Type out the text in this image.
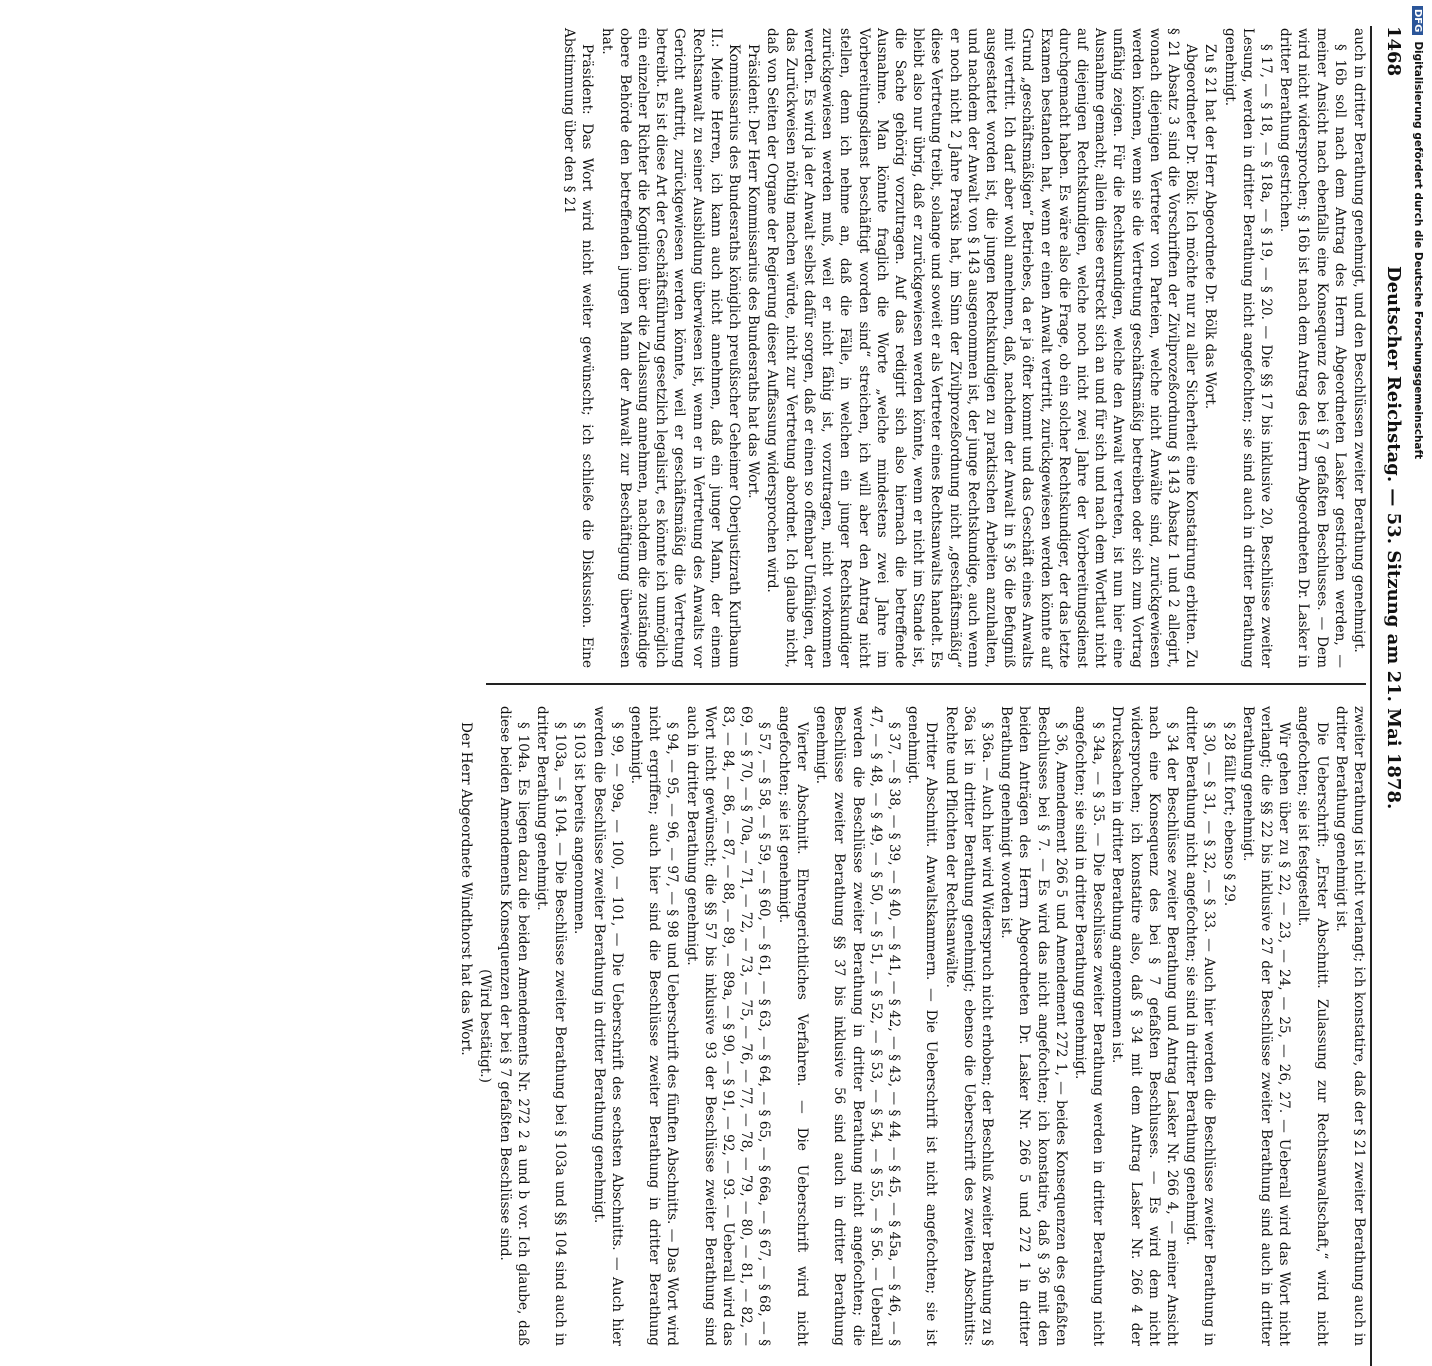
1468
Deutscher Reichstag. — 53. Sitzung am 21. Mai 1878.

auch in dritter Berathung genehmigt, und den Beschlüssen zweiter Berathung genehmigt.

§ 16b soll nach dem Antrag des Herrn Abgeordneten Lasker gestrichen werden, — meiner Ansicht nach ebenfalls eine Konsequenz des bei § 7 gefaßten Beschlusses. — Dem wird nicht widersprochen; § 16b ist nach dem Antrag des Herrn Abgeordneten Dr. Lasker in dritter Berathung gestrichen.

§ 17, — § 18, — § 18a, — § 19, — § 20. — Die §§ 17 bis inklusive 20, Beschlüsse zweiter Lesung, werden in dritter Berathung nicht angefochten; sie sind auch in dritter Berathung genehmigt.

Zu § 21 hat der Herr Abgeordnete Dr. Bölk das Wort.

Abgeordneter Dr. Bölk: Ich möchte nur zu aller Sicherheit eine Konstatirung erbitten. Zu § 21 Absatz 3 sind die Vorschriften der Zivilprozeßordnung § 143 Absatz 1 und 2 allegirt, wonach diejenigen Vertreter von Parteien, welche nicht Anwälte sind, zurückgewiesen werden können, wenn sie die Vertretung geschäftsmäßig betreiben oder sich zum Vortrag unfähig zeigen. Für die Rechtskundigen, welche den Anwalt vertreten, ist nun hier eine Ausnahme gemacht; allein diese erstreckt sich an und für sich und nach dem Wortlaut nicht auf diejenigen Rechtskundigen, welche noch nicht zwei Jahre der Vorbereitungsdienst durchgemacht haben. Es wäre also die Frage, ob ein solcher Rechtskundiger, der das letzte Examen bestanden hat, wenn er einen Anwalt vertritt, zurückgewiesen werden könnte auf Grund „geschäftsmäßigen“ Betriebes, da er ja öfter kommt und das Geschäft eines Anwalts mit vertritt. Ich darf aber wohl annehmen, daß, nachdem der Anwalt in § 36 die Befugniß ausgestattet worden ist, die jungen Rechtskundigen zu praktischen Arbeiten anzuhalten, und nachdem der Anwalt von § 143 ausgenommen ist, der junge Rechtskundige, auch wenn er noch nicht 2 Jahre Praxis hat, im Sinn der Zivilprozeßordnung nicht „geschäftsmäßig“ diese Vertretung treibt, solange und soweit er als Vertreter eines Rechtsanwalts handelt. Es bleibt also nur übrig, daß er zurückgewiesen werden könnte, wenn er nicht im Stande ist, die Sache gehörig vorzutragen. Auf das redigirt sich also hiernach die betreffende Ausnahme. Man könnte fraglich die Worte „welche mindestens zwei Jahre im Vorbereitungsdienst beschäftigt worden sind“ streichen, ich will aber den Antrag nicht stellen, denn ich nehme an, daß die Fälle, in welchen ein junger Rechtskundiger zurückgewiesen werden muß, weil er nicht fähig ist, vorzutragen, nicht vorkommen werden. Es wird ja der Anwalt selbst dafür sorgen, daß er einen so offenbar Unfähigen, der das Zurückweisen nöthig machen würde, nicht zur Vertretung abordnet. Ich glaube nicht, daß von Seiten der Organe der Regierung dieser Auffassung widersprochen wird.

Präsident: Der Herr Kommissarius des Bundesraths hat das Wort.

Kommissarius des Bundesraths königlich preußischer Geheimer Oberjustizrath Kurlbaum II.: Meine Herren, ich kann auch nicht annehmen, daß ein junger Mann, der einem Rechtsanwalt zu seiner Ausbildung überwiesen ist, wenn er in Vertretung des Anwalts vor Gericht auftritt, zurückgewiesen werden könnte, weil er geschäftsmäßig die Vertretung betreibt. Es ist diese Art der Geschäftsführung gesetzlich legalisirt, es könnte ich unmöglich ein einzelner Richter die Kognition über die Zulassung annehmen, nachdem die zuständige obere Behörde den betreffenden jungen Mann der Anwalt zur Beschäftigung überwiesen hat.

Präsident: Das Wort wird nicht weiter gewünscht; ich schließe die Diskussion. Eine Abstimmung über den § 21

zweiter Berathung ist nicht verlangt; ich konstatire, daß der § 21 zweiter Berathung auch in dritter Berathung genehmigt ist.

Die Ueberschrift: „Erster Abschnitt. Zulassung zur Rechtsanwaltschaft,“ wird nicht angefochten; sie ist festgestellt.

Wir gehen über zu § 22, — 23, — 24, — 25, — 26, 27. — Ueberall wird das Wort nicht verlangt; die §§ 22 bis inklusive 27 der Beschlüsse zweiter Berathung sind auch in dritter Berathung genehmigt.

§ 28 fällt fort; ebenso § 29.

§ 30, — § 31, — § 32, — § 33. — Auch hier werden die Beschlüsse zweiter Berathung in dritter Berathung nicht angefochten; sie sind in dritter Berathung genehmigt.

§ 34 der Beschlüsse zweiter Berathung und Antrag Lasker Nr. 266 4, — meiner Ansicht nach eine Konsequenz des bei § 7 gefaßten Beschlusses. — Es wird dem nicht widersprochen; ich konstatire also, daß § 34 mit dem Antrag Lasker Nr. 266 4 der Drucksachen in dritter Berathung angenommen ist.

§ 34a, — § 35. — Die Beschlüsse zweiter Berathung werden in dritter Berathung nicht angefochten; sie sind in dritter Berathung genehmigt.

§ 36, Amendement 266 5 und Amendement 272 1, — beides Konsequenzen des gefaßten Beschlusses bei § 7. — Es wird das nicht angefochten; ich konstatire, daß § 36 mit den beiden Anträgen des Herrn Abgeordneten Dr. Lasker Nr. 266 5 und 272 1 in dritter Berathung genehmigt worden ist.

§ 36a. — Auch hier wird Widerspruch nicht erhoben; der Beschluß zweiter Berathung zu § 36a ist in dritter Berathung genehmigt; ebenso die Ueberschrift des zweiten Abschnitts: Rechte und Pflichten der Rechtsanwälte.

Dritter Abschnitt. Anwaltskammern. — Die Ueberschrift ist nicht angefochten; sie ist genehmigt.

§ 37, — § 38, — § 39, — § 40, — § 41, — § 42, — § 43, — § 44, — § 45, — § 45a, — § 46, — § 47, — § 48, — § 49, — § 50, — § 51, — § 52, — § 53, — § 54, — § 55, — § 56. — Ueberall werden die Beschlüsse zweiter Berathung in dritter Berathung nicht angefochten; die Beschlüsse zweiter Berathung §§ 37 bis inklusive 56 sind auch in dritter Berathung genehmigt.

Vierter Abschnitt. Ehrengerichtliches Verfahren. — Die Ueberschrift wird nicht angefochten; sie ist genehmigt.

§ 57, — § 58, — § 59, — § 60, — § 61, — § 63, — § 64, — § 65, — § 66a, — § 67, — § 68, — § 69, — § 70, — § 70a, — 71, — 72, — 73, — 75, — 76, — 77, — 78, — 79, — 80, — 81, — 82, — 83, — 84, — 86, — 87, — 88, — 89, — 89a, — § 90, — § 91, — 92, — 93. — Ueberall wird das Wort nicht gewünscht; die §§ 57 bis inklusive 93 der Beschlüsse zweiter Berathung sind auch in dritter Berathung genehmigt.

§ 94, — 95, — 96, — 97, — § 98 und Ueberschrift des fünften Abschnitts. — Das Wort wird nicht ergriffen; auch hier sind die Beschlüsse zweiter Berathung in dritter Berathung genehmigt.

§ 99, — 99a, — 100, — 101, — Die Ueberschrift des sechsten Abschnitts. — Auch hier werden die Beschlüsse zweiter Berathung in dritter Berathung genehmigt.

§ 103 ist bereits angenommen.

§ 103a, — § 104. — Die Beschlüsse zweiter Berathung bei § 103a und §§ 104 sind auch in dritter Berathung genehmigt.

§ 104a. Es liegen dazu die beiden Amendements Nr. 272 2 a und b vor. Ich glaube, daß diese beiden Amendements Konsequenzen der bei § 7 gefaßten Beschlüsse sind.

(Wird bestätigt.)

Der Herr Abgeordnete Windthorst hat das Wort.

DFGDigitalisierung gefördert durch die Deutsche Forschungsgemeinschaft
